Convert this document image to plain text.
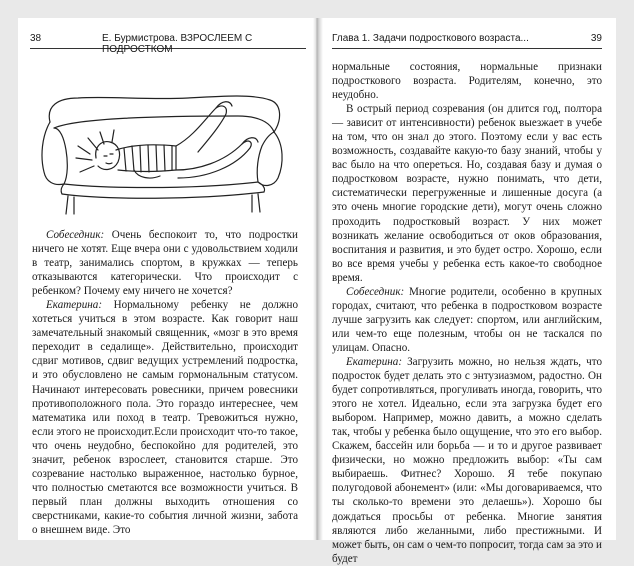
38	Е. Бурмистрова. ВЗРОСЛЕЕМ С ПОДРОСТКОМ

Собеседник: Очень беспокоит то, что подростки ничего не хотят. Еще вчера они с удовольствием ходили в театр, занимались спортом, в кружках — теперь отказываются категорически. Что происходит с ребенком? Почему ему ничего не хочется?

Екатерина: Нормальному ребенку не должно хотеться учиться в этом возрасте. Как говорит наш замечательный знакомый священник, «мозг в это время переходит в седалище». Действительно, происходит сдвиг мотивов, сдвиг ведущих устремлений подростка, и это обусловлено не самым гормональным статусом. Начинают интересовать ровесники, причем ровесники противоположного пола. Это гораздо интереснее, чем математика или поход в театр. Тревожиться нужно, если этого не происходит.Если происходит что-то такое, что очень неудобно, беспокойно для родителей, это значит, ребенок взрослеет, становится старше. Это созревание настолько выраженное, настолько бурное, что полностью сметаются все возможности учиться. В первый план должны выходить отношения со сверстниками, какие-то события личной жизни, забота о внешнем виде. Это

Глава 1. Задачи подросткового возраста...	39

нормальные состояния, нормальные признаки подросткового возраста. Родителям, конечно, это неудобно.

В острый период созревания (он длится год, полтора — зависит от интенсивности) ребенок выезжает в учебе на том, что он знал до этого. Поэтому если у вас есть возможность, создавайте какую-то базу знаний, чтобы у вас было на что опереться. Но, создавая базу и думая о подростковом возрасте, нужно понимать, что дети, систематически перегруженные и лишенные досуга (а это очень многие городские дети), могут очень сложно проходить подростковый возраст. У них может возникать желание освободиться от оков образования, воспитания и развития, и это будет остро. Хорошо, если во все время учебы у ребенка есть какое-то свободное время.

Собеседник: Многие родители, особенно в крупных городах, считают, что ребенка в подростковом возрасте лучше загрузить как следует: спортом, или английским, или чем-то еще полезным, чтобы он не таскался по улицам. Опасно.

Екатерина: Загрузить можно, но нельзя ждать, что подросток будет делать это с энтузиазмом, радостно. Он будет сопротивляться, прогуливать иногда, говорить, что этого не хотел. Идеально, если эта загрузка будет его выбором. Например, можно давить, а можно сделать так, чтобы у ребенка было ощущение, что это его выбор. Скажем, бассейн или борьба — и то и другое развивает физически, но можно предложить выбор: «Ты сам выбираешь. Фитнес? Хорошо. Я тебе покупаю полугодовой абонемент» (или: «Мы договариваемся, что ты сколько-то времени это делаешь»). Хорошо бы дождаться просьбы от ребенка. Многие занятия являются либо желанными, либо престижными. И может быть, он сам о чем-то попросит, тогда сам за это и будет
